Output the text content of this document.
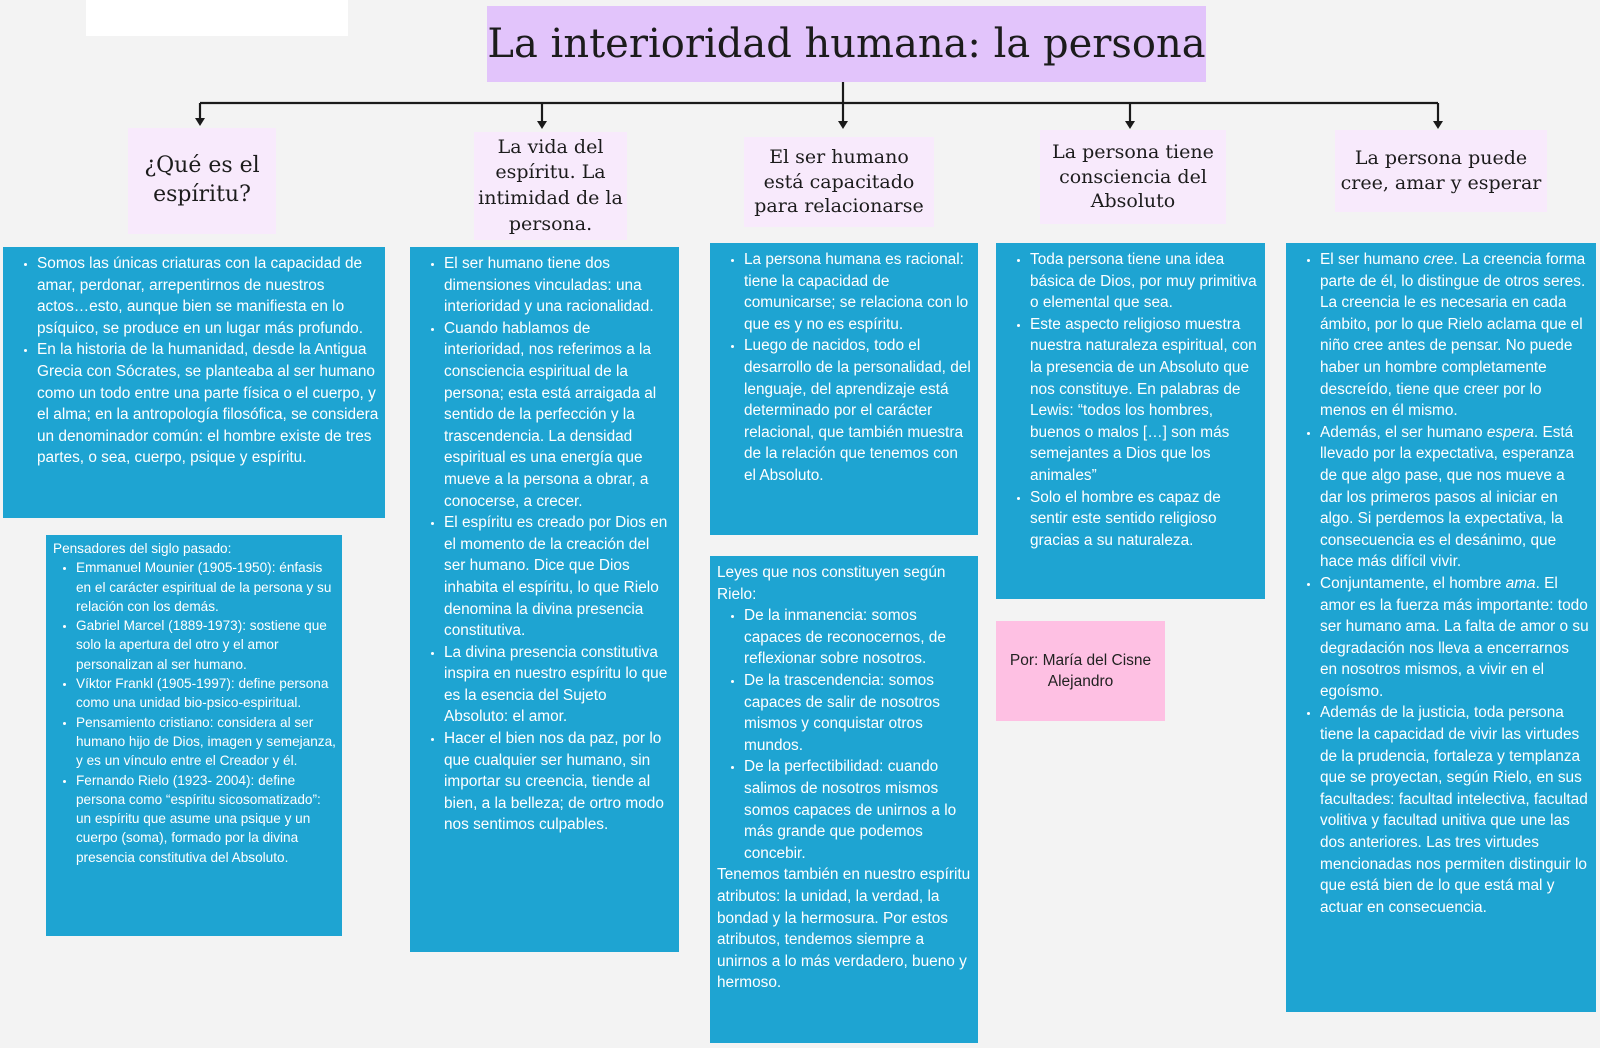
La interioridad humana: la persona
¿Qué es el espíritu?
La vida del espíritu. La intimidad de la persona.
El ser humano está capacitado para relacionarse
La persona tiene consciencia del Absoluto
La persona puede cree, amar y esperar
• Somos las únicas criaturas con la capacidad de amar, perdonar, arrepentirnos de nuestros actos…esto, aunque bien se manifiesta en lo psíquico, se produce en un lugar más profundo.
• En la historia de la humanidad, desde la Antigua Grecia con Sócrates, se planteaba al ser humano como un todo entre una parte física o el cuerpo, y el alma; en la antropología filosófica, se considera un denominador común: el hombre existe de tres partes, o sea, cuerpo, psique y espíritu.

Pensadores del siglo pasado:

• Emmanuel Mounier (1905-1950): énfasis en el carácter espiritual de la persona y su relación con los demás.
• Gabriel Marcel (1889-1973): sostiene que solo la apertura del otro y el amor personalizan al ser humano.
• Víktor Frankl (1905-1997): define persona como una unidad bio-psico-espiritual.
• Pensamiento cristiano: considera al ser humano hijo de Dios, imagen y semejanza, y es un vínculo entre el Creador y él.
• Fernando Rielo (1923- 2004): define persona como “espíritu sicosomatizado”: un espíritu que asume una psique y un cuerpo (soma), formado por la divina presencia constitutiva del Absoluto.
• El ser humano tiene dos dimensiones vinculadas: una interioridad y una racionalidad.
• Cuando hablamos de interioridad, nos referimos a la consciencia espiritual de la persona; esta está arraigada al sentido de la perfección y la trascendencia. La densidad espiritual es una energía que mueve a la persona a obrar, a conocerse, a crecer.
• El espíritu es creado por Dios en el momento de la creación del ser humano. Dice que Dios inhabita el espíritu, lo que Rielo denomina la divina presencia constitutiva.
• La divina presencia constitutiva inspira en nuestro espíritu lo que es la esencia del Sujeto Absoluto: el amor.
• Hacer el bien nos da paz, por lo que cualquier ser humano, sin importar su creencia, tiende al bien, a la belleza; de ortro modo nos sentimos culpables.
• La persona humana es racional: tiene la capacidad de comunicarse; se relaciona con lo que es y no es espíritu.
• Luego de nacidos, todo el desarrollo de la personalidad, del lenguaje, del aprendizaje está determinado por el carácter relacional, que también muestra de la relación que tenemos con el Absoluto.

Leyes que nos constituyen según Rielo:

• De la inmanencia: somos capaces de reconocernos, de reflexionar sobre nosotros.
• De la trascendencia: somos capaces de salir de nosotros mismos y conquistar otros mundos.
• De la perfectibilidad: cuando salimos de nosotros mismos somos capaces de unirnos a lo más grande que podemos concebir.

Tenemos también en nuestro espíritu atributos: la unidad, la verdad, la bondad y la hermosura. Por estos atributos, tendemos siempre a unirnos a lo más verdadero, bueno y hermoso.

• Toda persona tiene una idea básica de Dios, por muy primitiva o elemental que sea.
• Este aspecto religioso muestra nuestra naturaleza espiritual, con la presencia de un Absoluto que nos constituye. En palabras de Lewis: “todos los hombres, buenos o malos […] son más semejantes a Dios que los animales”
• Solo el hombre es capaz de sentir este sentido religioso gracias a su naturaleza.
Por: María del Cisne Alejandro
• El ser humano cree. La creencia forma parte de él, lo distingue de otros seres. La creencia le es necesaria en cada ámbito, por lo que Rielo aclama que el niño cree antes de pensar. No puede haber un hombre completamente descreído, tiene que creer por lo menos en él mismo.
• Además, el ser humano espera. Está llevado por la expectativa, esperanza de que algo pase, que nos mueve a dar los primeros pasos al iniciar en algo. Si perdemos la expectativa, la consecuencia es el desánimo, que hace más difícil vivir.
• Conjuntamente, el hombre ama. El amor es la fuerza más importante: todo ser humano ama. La falta de amor o su degradación nos lleva a encerrarnos en nosotros mismos, a vivir en el egoísmo.
• Además de la justicia, toda persona tiene la capacidad de vivir las virtudes de la prudencia, fortaleza y templanza que se proyectan, según Rielo, en sus facultades: facultad intelectiva, facultad volitiva y facultad unitiva que une las dos anteriores. Las tres virtudes mencionadas nos permiten distinguir lo que está bien de lo que está mal y actuar en consecuencia.
